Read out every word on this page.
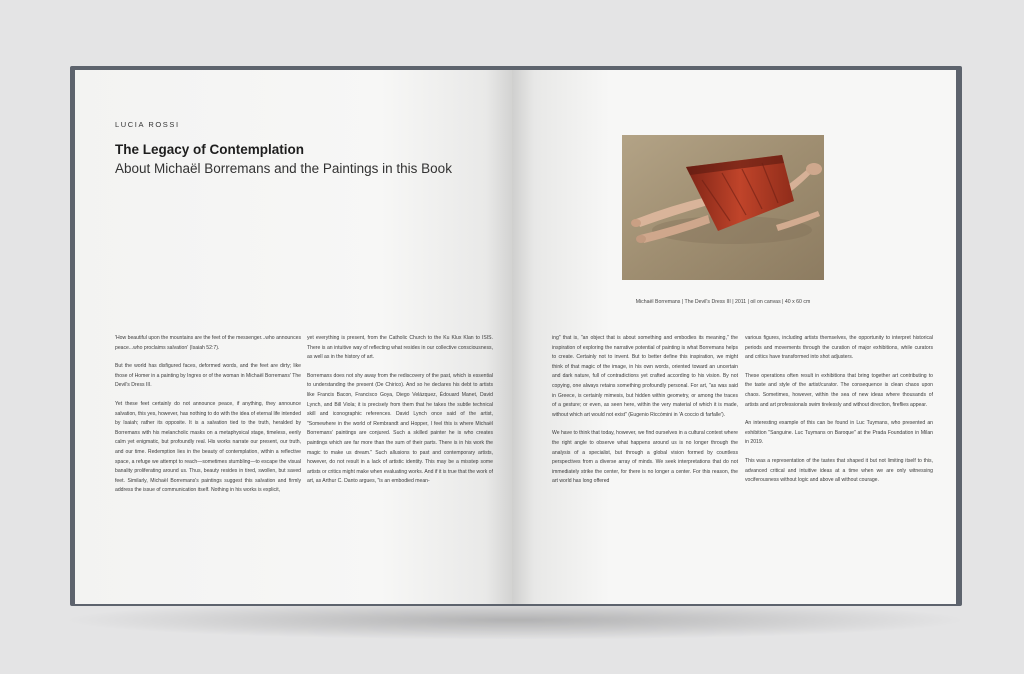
LUCIA ROSSI
The Legacy of Contemplation
About Michaël Borremans and the Paintings in this Book

'How beautiful upon the mountains are the feet of the messenger...who announces peace...who proclaims salvation' (Isaiah 52:7).

But the world has disfigured faces, deformed words, and the feet are dirty; like those of Homer in a painting by Ingres or of the woman in Michaël Borremans' The Devil's Dress III.

Yet these feet certainly do not announce peace, if anything, they announce salvation, this yes, however, has nothing to do with the idea of eternal life intended by Isaiah; rather its opposite. It is a salvation tied to the truth, heralded by Borremans with his melancholic masks on a metaphysical stage, timeless, eerily calm yet enigmatic, but profoundly real. His works narrate our present, our truth, and our time. Redemption lies in the beauty of contemplation, within a reflective space, a refuge we attempt to reach—sometimes stumbling—to escape the visual banality proliferating around us. Thus, beauty resides in tired, swollen, but saved feet. Similarly, Michaël Borremans's paintings suggest this salvation and firmly address the issue of communication itself. Nothing in his works is explicit,

yet everything is present, from the Catholic Church to the Ku Klux Klan to ISIS. There is an intuitive way of reflecting what resides in our collective consciousness, as well as in the history of art.

Borremans does not shy away from the rediscovery of the past, which is essential to understanding the present (De Chirico). And so he declares his debt to artists like Francis Bacon, Francisco Goya, Diego Velázquez, Édouard Manet, David Lynch, and Bill Viola; it is precisely from them that he takes the subtle technical skill and iconographic references. David Lynch once said of the artist, "Somewhere in the world of Rembrandt and Hopper, I feel this is where Michaël Borremans' paintings are conjured. Such a skilled painter he is who creates paintings which are far more than the sum of their parts. There is in his work the magic to make us dream." Such allusions to past and contemporary artists, however, do not result in a lack of artistic identity. This may be a misstep some artists or critics might make when evaluating works. And if it is true that the work of art, as Arthur C. Danto argues, "is an embodied mean-

Michaël Borremans | The Devil's Dress III | 2011 | oil on canvas | 40 x 60 cm

ing" that is, "an object that is about something and embodies its meaning," the inspiration of exploring the narrative potential of painting is what Borremans helps to create. Certainly not to invent. But to better define this inspiration, we might think of that magic of the image, in his own words, oriented toward an uncertain and dark nature, full of contradictions yet crafted according to his vision. By not copying, one always retains something profoundly personal. For art, "as was said in Greece, is certainly mimesis, but hidden within geometry, or among the traces of a gesture; or even, as seen here, within the very material of which it is made, without which art would not exist" (Eugenio Riccòmini in 'A coccio di farfalle').

We have to think that today, however, we find ourselves in a cultural context where the right angle to observe what happens around us is no longer through the analysis of a specialist, but through a global vision formed by countless perspectives from a diverse array of minds. We seek interpretations that do not immediately strike the center, for there is no longer a center. For this reason, the art world has long offered

various figures, including artists themselves, the opportunity to interpret historical periods and movements through the curation of major exhibitions, while curators and critics have transformed into shot adjusters.

These operations often result in exhibitions that bring together art contributing to the taste and style of the artist/curator. The consequence is clean chaos upon chaos. Sometimes, however, within the sea of new ideas where thousands of artists and art professionals swim tirelessly and without direction, fireflies appear.

An interesting example of this can be found in Luc Tuymans, who presented an exhibition "Sanguine. Luc Tuymans on Baroque" at the Prada Foundation in Milan in 2019.

This was a representation of the tastes that shaped it but not limiting itself to this, advanced critical and intuitive ideas at a time when we are only witnessing vociferousness without logic and above all without courage.
